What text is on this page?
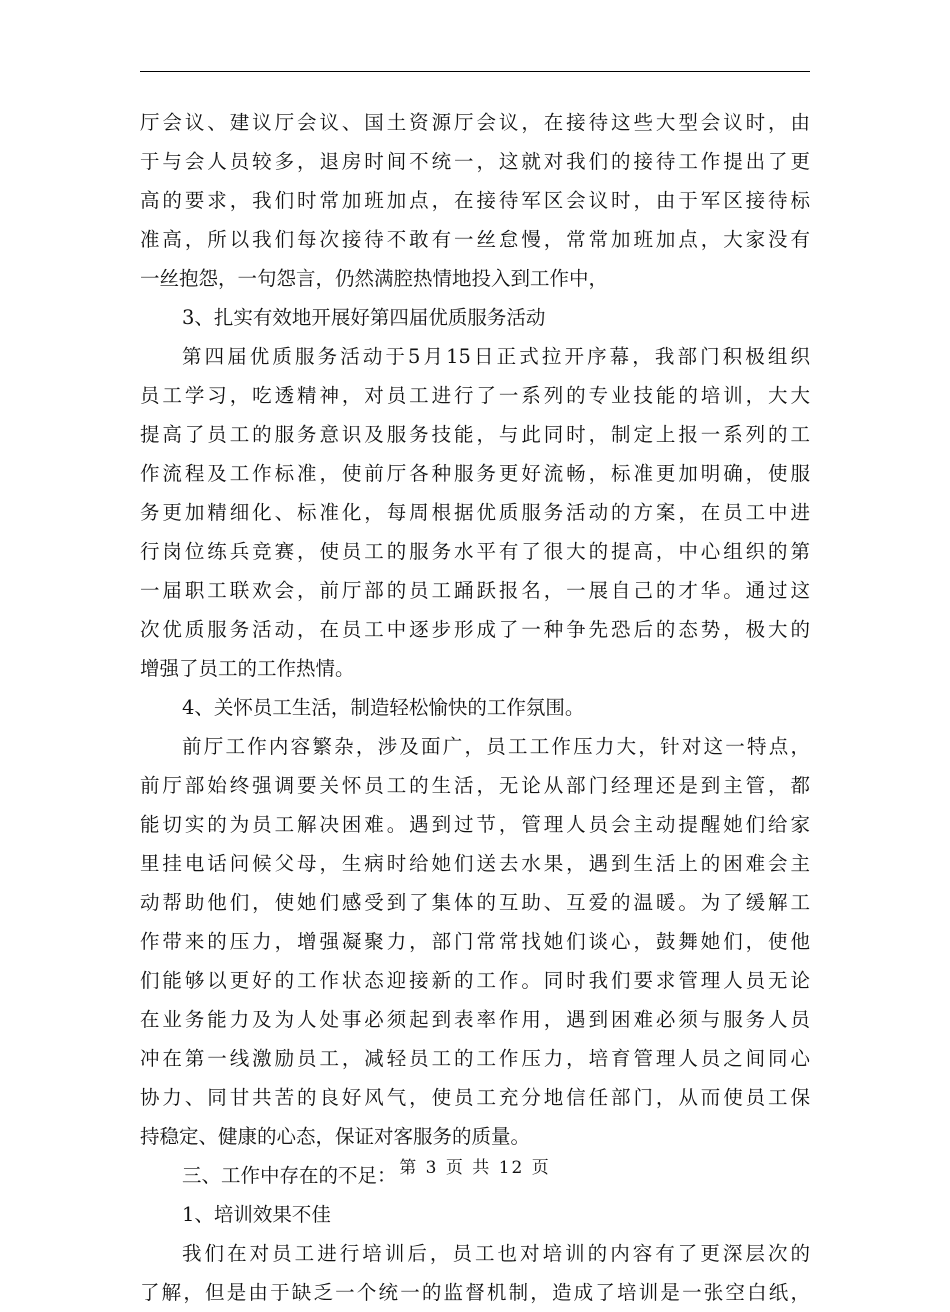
厅会议、建议厅会议、国土资源厅会议，在接待这些大型会议时，由
于与会人员较多，退房时间不统一，这就对我们的接待工作提出了更
高的要求，我们时常加班加点，在接待军区会议时，由于军区接待标
准高，所以我们每次接待不敢有一丝怠慢，常常加班加点，大家没有
一丝抱怨，一句怨言，仍然满腔热情地投入到工作中，
3、扎实有效地开展好第四届优质服务活动
第四届优质服务活动于5月15日正式拉开序幕，我部门积极组织
员工学习，吃透精神，对员工进行了一系列的专业技能的培训，大大
提高了员工的服务意识及服务技能，与此同时，制定上报一系列的工
作流程及工作标准，使前厅各种服务更好流畅，标准更加明确，使服
务更加精细化、标准化，每周根据优质服务活动的方案，在员工中进
行岗位练兵竞赛，使员工的服务水平有了很大的提高，中心组织的第
一届职工联欢会，前厅部的员工踊跃报名，一展自己的才华。通过这
次优质服务活动，在员工中逐步形成了一种争先恐后的态势，极大的
增强了员工的工作热情。
4、关怀员工生活，制造轻松愉快的工作氛围。
前厅工作内容繁杂，涉及面广，员工工作压力大，针对这一特点，
前厅部始终强调要关怀员工的生活，无论从部门经理还是到主管，都
能切实的为员工解决困难。遇到过节，管理人员会主动提醒她们给家
里挂电话问候父母，生病时给她们送去水果，遇到生活上的困难会主
动帮助他们，使她们感受到了集体的互助、互爱的温暖。为了缓解工
作带来的压力，增强凝聚力，部门常常找她们谈心，鼓舞她们，使他
们能够以更好的工作状态迎接新的工作。同时我们要求管理人员无论
在业务能力及为人处事必须起到表率作用，遇到困难必须与服务人员
冲在第一线激励员工，减轻员工的工作压力，培育管理人员之间同心
协力、同甘共苦的良好风气，使员工充分地信任部门，从而使员工保
持稳定、健康的心态，保证对客服务的质量。
三、工作中存在的不足：
1、培训效果不佳
我们在对员工进行培训后，员工也对培训的内容有了更深层次的
了解，但是由于缺乏一个统一的监督机制，造成了培训是一张空白纸，
第 3 页 共 12 页
